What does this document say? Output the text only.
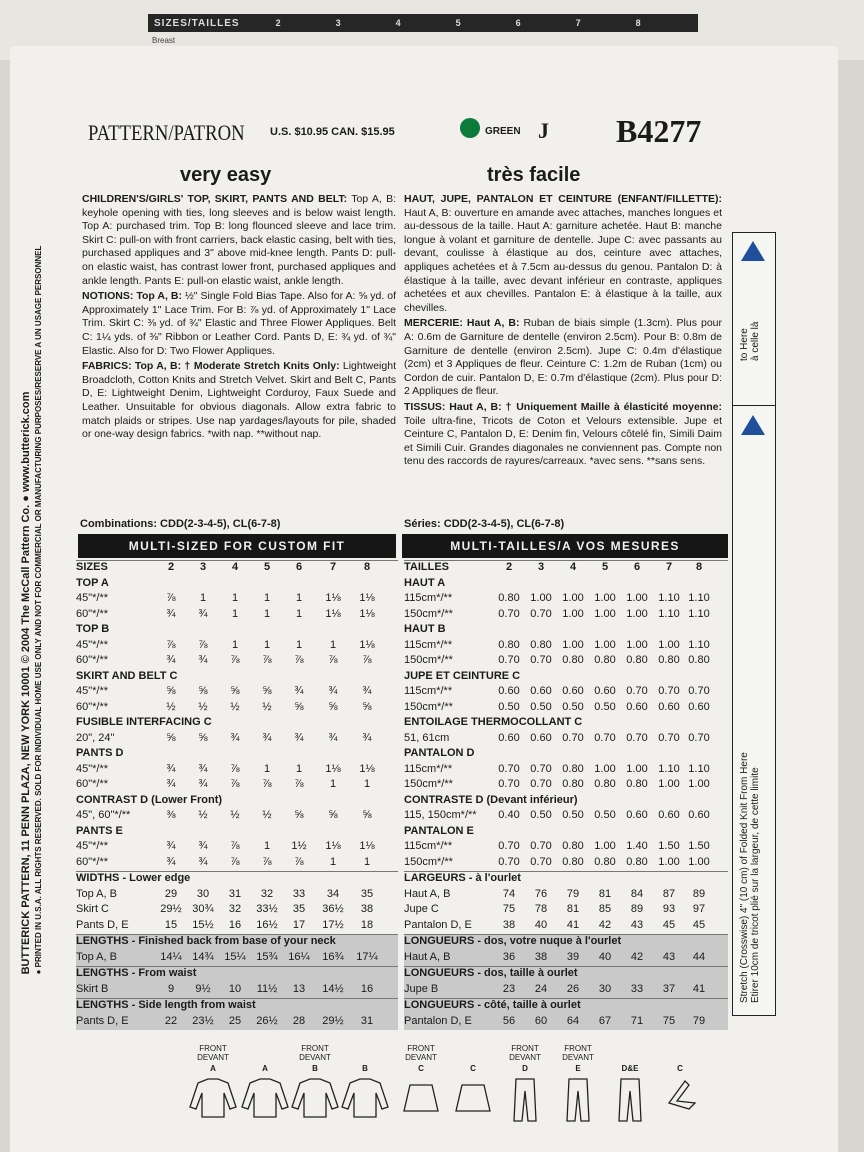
SIZES/TAILLES	2	3	4	5	6	7	8
Breast
BUTTERICK PATTERN, 11 PENN PLAZA, NEW YORK 10001 © 2004 The McCall Pattern Co. ● www.butterick.com ● PRINTED IN U.S.A. ALL RIGHTS RESERVED. SOLD FOR INDIVIDUAL HOME USE ONLY AND NOT FOR COMMERCIAL OR MANUFACTURING PURPOSES/RESERVE A UN USAGE PERSONNEL
PATTERN/PATRON U.S. $10.95 CAN. $15.95	GREEN J B4277
very easy	très facile

CHILDREN'S/GIRLS' TOP, SKIRT, PANTS AND BELT: Top A, B: keyhole opening with ties, long sleeves and is below waist length. Top A: purchased trim. Top B: long flounced sleeve and lace trim. Skirt C: pull-on with front carriers, back elastic casing, belt with ties, purchased appliques and 3" above mid-knee length. Pants D: pull-on elastic waist, has contrast lower front, purchased appliques and ankle length. Pants E: pull-on elastic waist, ankle length.

NOTIONS: Top A, B: ½" Single Fold Bias Tape. Also for A: ⅝ yd. of Approximately 1" Lace Trim. For B: ⅞ yd. of Approximately 1" Lace Trim. Skirt C: ⅜ yd. of ¾" Elastic and Three Flower Appliques. Belt C: 1¼ yds. of ⅜" Ribbon or Leather Cord. Pants D, E: ¾ yd. of ¾" Elastic. Also for D: Two Flower Appliques.

FABRICS: Top A, B: † Moderate Stretch Knits Only: Lightweight Broadcloth, Cotton Knits and Stretch Velvet. Skirt and Belt C, Pants D, E: Lightweight Denim, Lightweight Corduroy, Faux Suede and Leather. Unsuitable for obvious diagonals. Allow extra fabric to match plaids or stripes. Use nap yardages/layouts for pile, shaded or one-way design fabrics. *with nap. **without nap.

HAUT, JUPE, PANTALON ET CEINTURE (ENFANT/FILLETTE): Haut A, B: ouverture en amande avec attaches, manches longues et au-dessous de la taille. Haut A: garniture achetée. Haut B: manche longue à volant et garniture de dentelle. Jupe C: avec passants au devant, coulisse à élastique au dos, ceinture avec attaches, appliques achetées et à 7.5cm au-dessus du genou. Pantalon D: à élastique à la taille, avec devant inférieur en contraste, appliques achetées et aux chevilles. Pantalon E: à élastique à la taille, aux chevilles.

MERCERIE: Haut A, B: Ruban de biais simple (1.3cm). Plus pour A: 0.6m de Garniture de dentelle (environ 2.5cm). Pour B: 0.8m de Garniture de dentelle (environ 2.5cm). Jupe C: 0.4m d'élastique (2cm) et 3 Appliques de fleur. Ceinture C: 1.2m de Ruban (1cm) ou Cordon de cuir. Pantalon D, E: 0.7m d'élastique (2cm). Plus pour D: 2 Appliques de fleur.

TISSUS: Haut A, B: † Uniquement Maille à élasticité moyenne: Toile ultra-fine, Tricots de Coton et Velours extensible. Jupe et Ceinture C, Pantalon D, E: Denim fin, Velours côtelé fin, Simili Daim et Simili Cuir. Grandes diagonales ne conviennent pas. Compte non tenu des raccords de rayures/carreaux. *avec sens. **sans sens.

Combinations: CDD(2-3-4-5), CL(6-7-8)	Séries: CDD(2-3-4-5), CL(6-7-8)
MULTI-SIZED FOR CUSTOM FIT	MULTI-TAILLES/A VOS MESURES
SIZES	2	3	4	5	6	7	8
TOP A
45"*/**	⅞	1	1	1	1	1⅛	1⅛
60"*/**	¾	¾	1	1	1	1⅛	1⅛
TOP B
45"*/**	⅞	⅞	1	1	1	1	1⅛
60"*/**	¾	¾	⅞	⅞	⅞	⅞	⅞
SKIRT AND BELT C
45"*/**	⅝	⅝	⅝	⅝	¾	¾	¾
60"*/**	½	½	½	½	⅝	⅝	⅝
FUSIBLE INTERFACING C
20", 24"	⅝	⅝	¾	¾	¾	¾	¾
PANTS D
45"*/**	¾	¾	⅞	1	1	1⅛	1⅛
60"*/**	¾	¾	⅞	⅞	⅞	1	1
CONTRAST D (Lower Front)
45", 60"*/**	⅜	½	½	½	⅝	⅝	⅝
PANTS E
45"*/**	¾	¾	⅞	1	1½	1⅛	1⅛
60"*/**	¾	¾	⅞	⅞	⅞	1	1
WIDTHS - Lower edge
Top A, B	29	30	31	32	33	34	35
Skirt C	29½ 30¾	32	33½	35	36½	38
Pants D, E	15	15½	16	16½	17	17½	18
LENGTHS - Finished back from base of your neck
Top A, B	14¼ 14¾ 15¼ 15¾ 16¼	16¾	17¼
LENGTHS - From waist
Skirt B	9	9½	10	11½	13	14½	16
LENGTHS - Side length from waist
Pants D, E	22	23½	25	26½	28	29½	31
TAILLES	2	3	4	5	6	7	8
HAUT A
115cm*/**	0.80 1.00 1.00 1.00 1.00 1.10 1.10
150cm*/**	0.70 0.70 1.00 1.00 1.00 1.10 1.10
HAUT B
115cm*/**	0.80 0.80 1.00 1.00 1.00 1.00 1.10
150cm*/**	0.70 0.70 0.80 0.80 0.80 0.80 0.80
JUPE ET CEINTURE C
115cm*/**	0.60 0.60 0.60 0.60 0.70 0.70 0.70
150cm*/**	0.50 0.50 0.50 0.50 0.60 0.60 0.60
ENTOILAGE THERMOCOLLANT C
51, 61cm	0.60 0.60 0.70 0.70 0.70 0.70 0.70
PANTALON D
115cm*/**	0.70 0.70 0.80 1.00 1.00 1.10 1.10
150cm*/**	0.70 0.70 0.80 0.80 0.80 1.00 1.00
CONTRASTE D (Devant inférieur)
115, 150cm*/**	0.40 0.50 0.50 0.50 0.60 0.60 0.60
PANTALON E
115cm*/**	0.70 0.70 0.80 1.00 1.40 1.50 1.50
150cm*/**	0.70 0.70 0.80 0.80 0.80 1.00 1.00
LARGEURS - à l'ourlet
Haut A, B	74	76	79	81	84	87	89
Jupe C	75	78	81	85	89	93	97
Pantalon D, E	38	40	41	42	43	45	45
LONGUEURS - dos, votre nuque à l'ourlet
Haut A, B	36	38	39	40	42	43	44
LONGUEURS - dos, taille à ourlet
Jupe B	23	24	26	30	33	37	41
LONGUEURS - côté, taille à ourlet
Pantalon D, E	56	60	64	67	71	75	79
to Here
à celle là
Stretch (Crosswise) 4" (10 cm) of Folded Knit From Here
Etirer 10cm de tricot plié sur la largeur, de cette limite
FRONT
DEVANT
A	A
FRONT
DEVANT
B	B
FRONT
DEVANT
C	C
FRONT
DEVANT
D
FRONT
DEVANT
E	D&E	C
